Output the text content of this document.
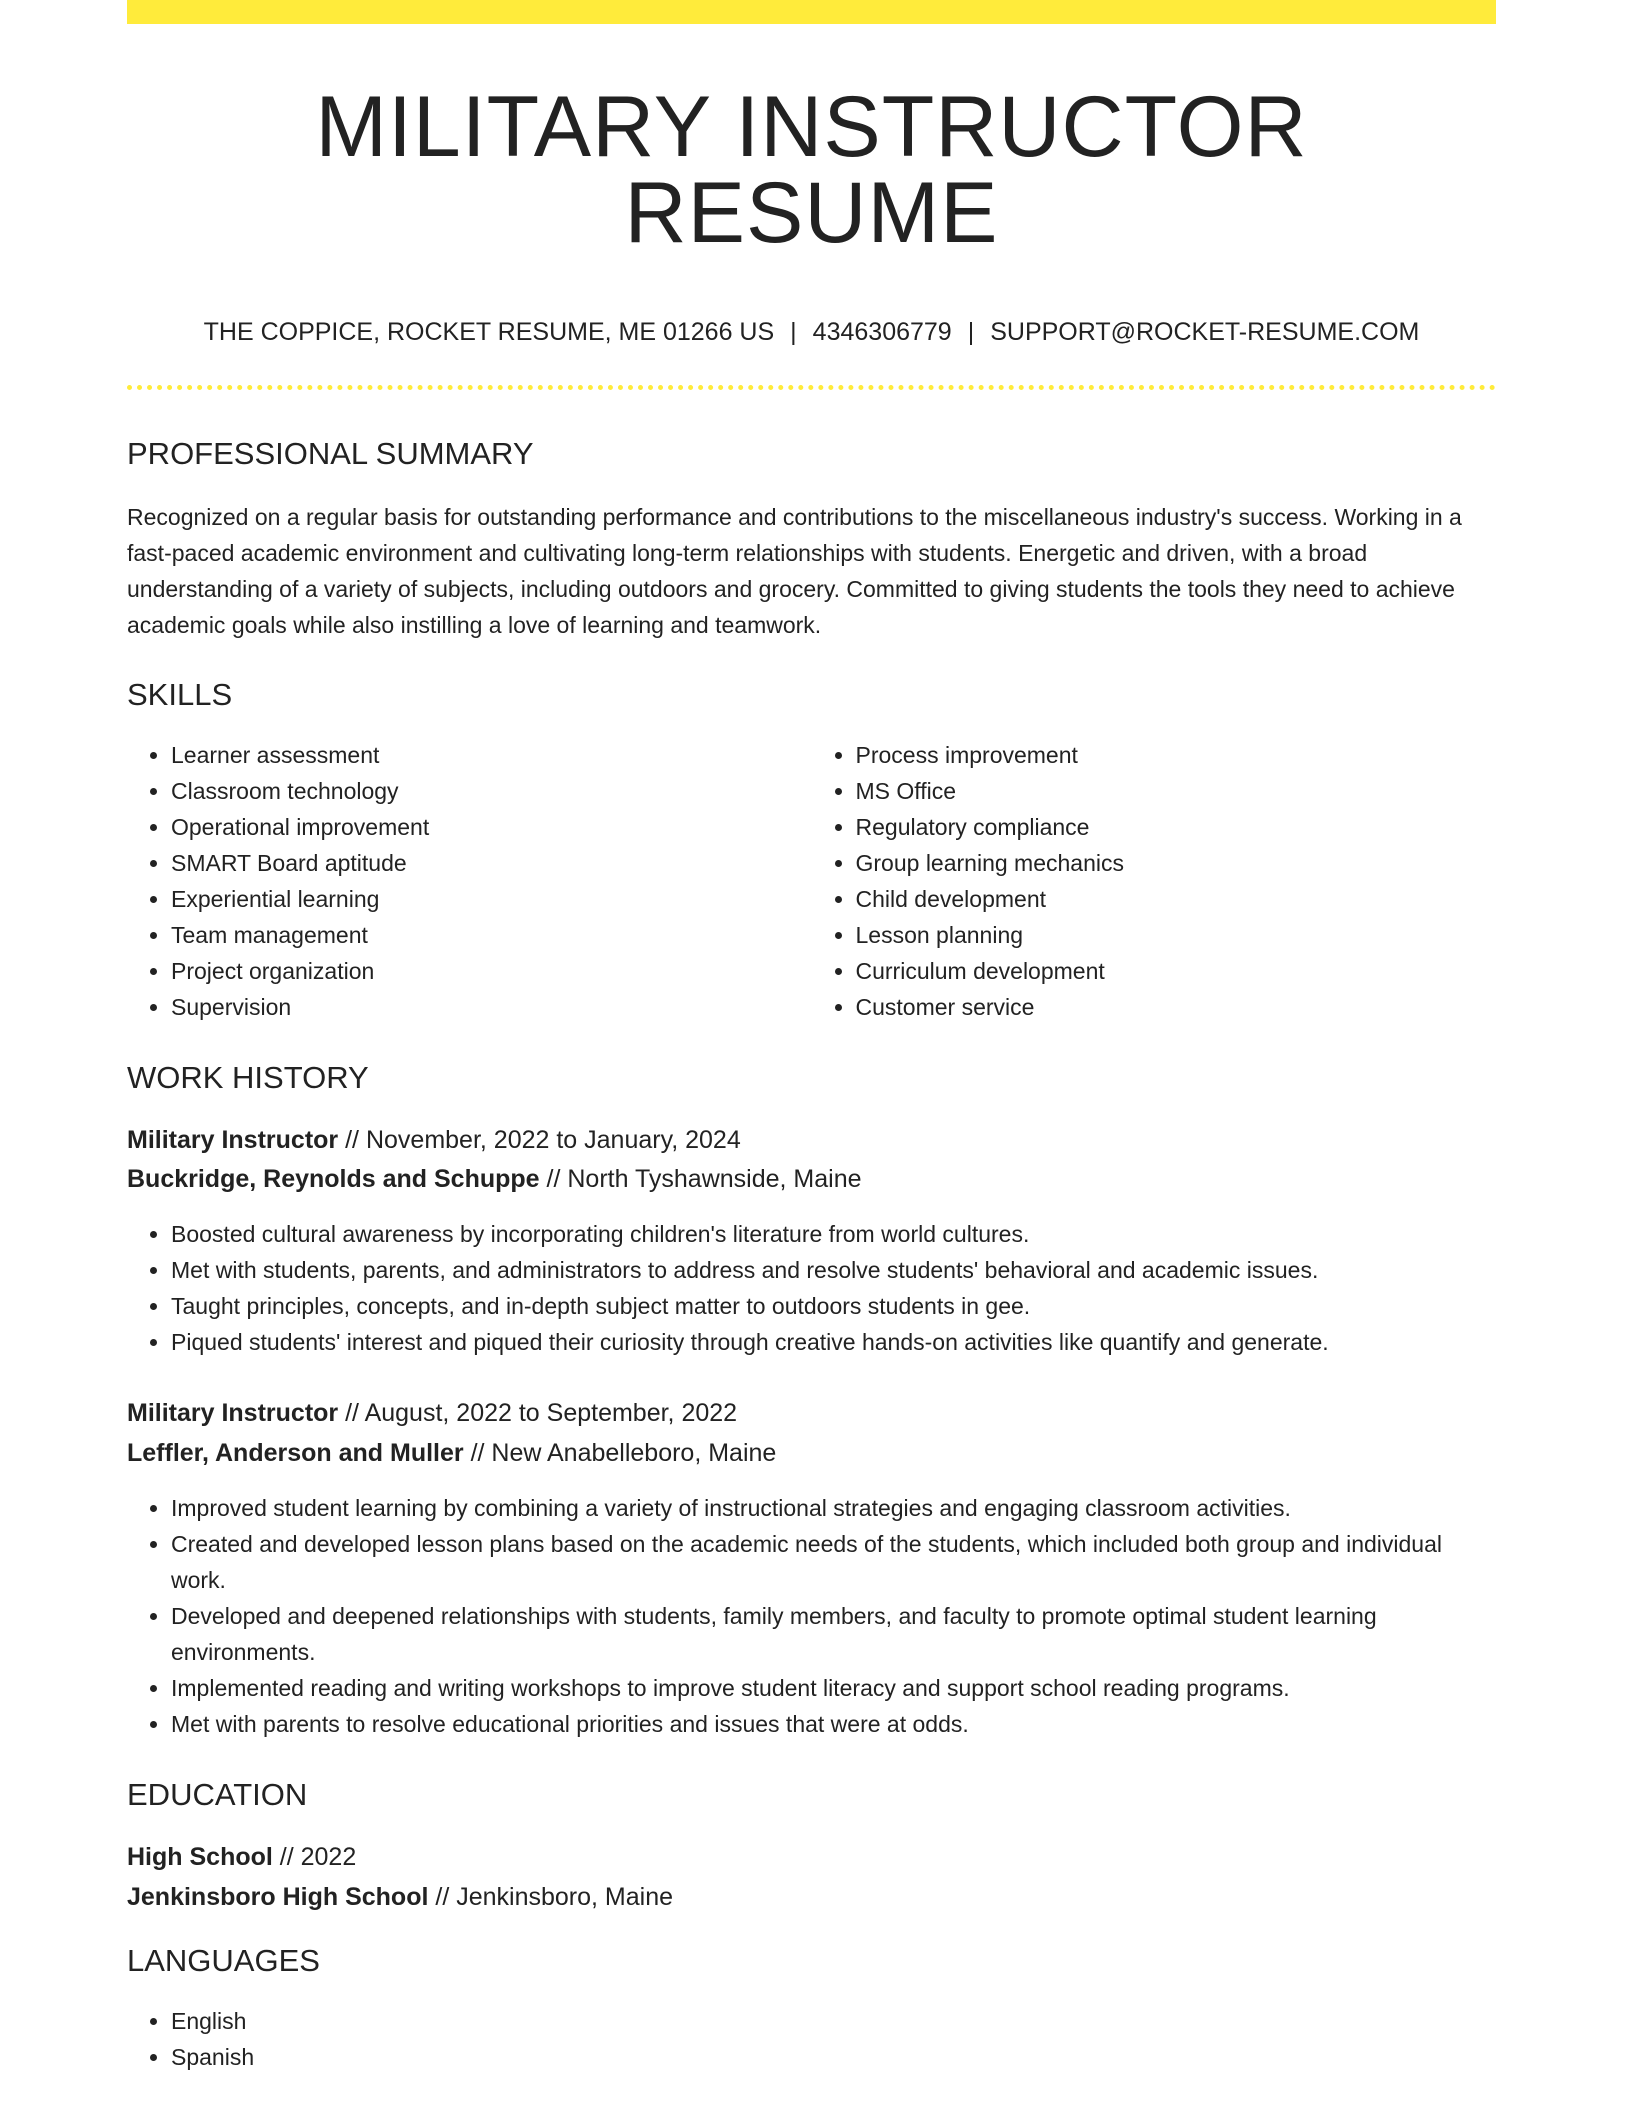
MILITARY INSTRUCTOR RESUME
THE COPPICE, ROCKET RESUME, ME 01266 US | 4346306779 | SUPPORT@ROCKET-RESUME.COM
PROFESSIONAL SUMMARY

Recognized on a regular basis for outstanding performance and contributions to the miscellaneous industry's success. Working in a fast-paced academic environment and cultivating long-term relationships with students. Energetic and driven, with a broad understanding of a variety of subjects, including outdoors and grocery. Committed to giving students the tools they need to achieve academic goals while also instilling a love of learning and teamwork.

SKILLS
• Learner assessment
• Classroom technology
• Operational improvement
• SMART Board aptitude
• Experiential learning
• Team management
• Project organization
• Supervision
• Process improvement
• MS Office
• Regulatory compliance
• Group learning mechanics
• Child development
• Lesson planning
• Curriculum development
• Customer service
WORK HISTORY
Military Instructor // November, 2022 to January, 2024
Buckridge, Reynolds and Schuppe // North Tyshawnside, Maine
• Boosted cultural awareness by incorporating children's literature from world cultures.
• Met with students, parents, and administrators to address and resolve students' behavioral and academic issues.
• Taught principles, concepts, and in-depth subject matter to outdoors students in gee.
• Piqued students' interest and piqued their curiosity through creative hands-on activities like quantify and generate.
Military Instructor // August, 2022 to September, 2022
Leffler, Anderson and Muller // New Anabelleboro, Maine
• Improved student learning by combining a variety of instructional strategies and engaging classroom activities.
• Created and developed lesson plans based on the academic needs of the students, which included both group and individual work.
• Developed and deepened relationships with students, family members, and faculty to promote optimal student learning environments.
• Implemented reading and writing workshops to improve student literacy and support school reading programs.
• Met with parents to resolve educational priorities and issues that were at odds.
EDUCATION
High School // 2022
Jenkinsboro High School // Jenkinsboro, Maine
LANGUAGES
• English
• Spanish
